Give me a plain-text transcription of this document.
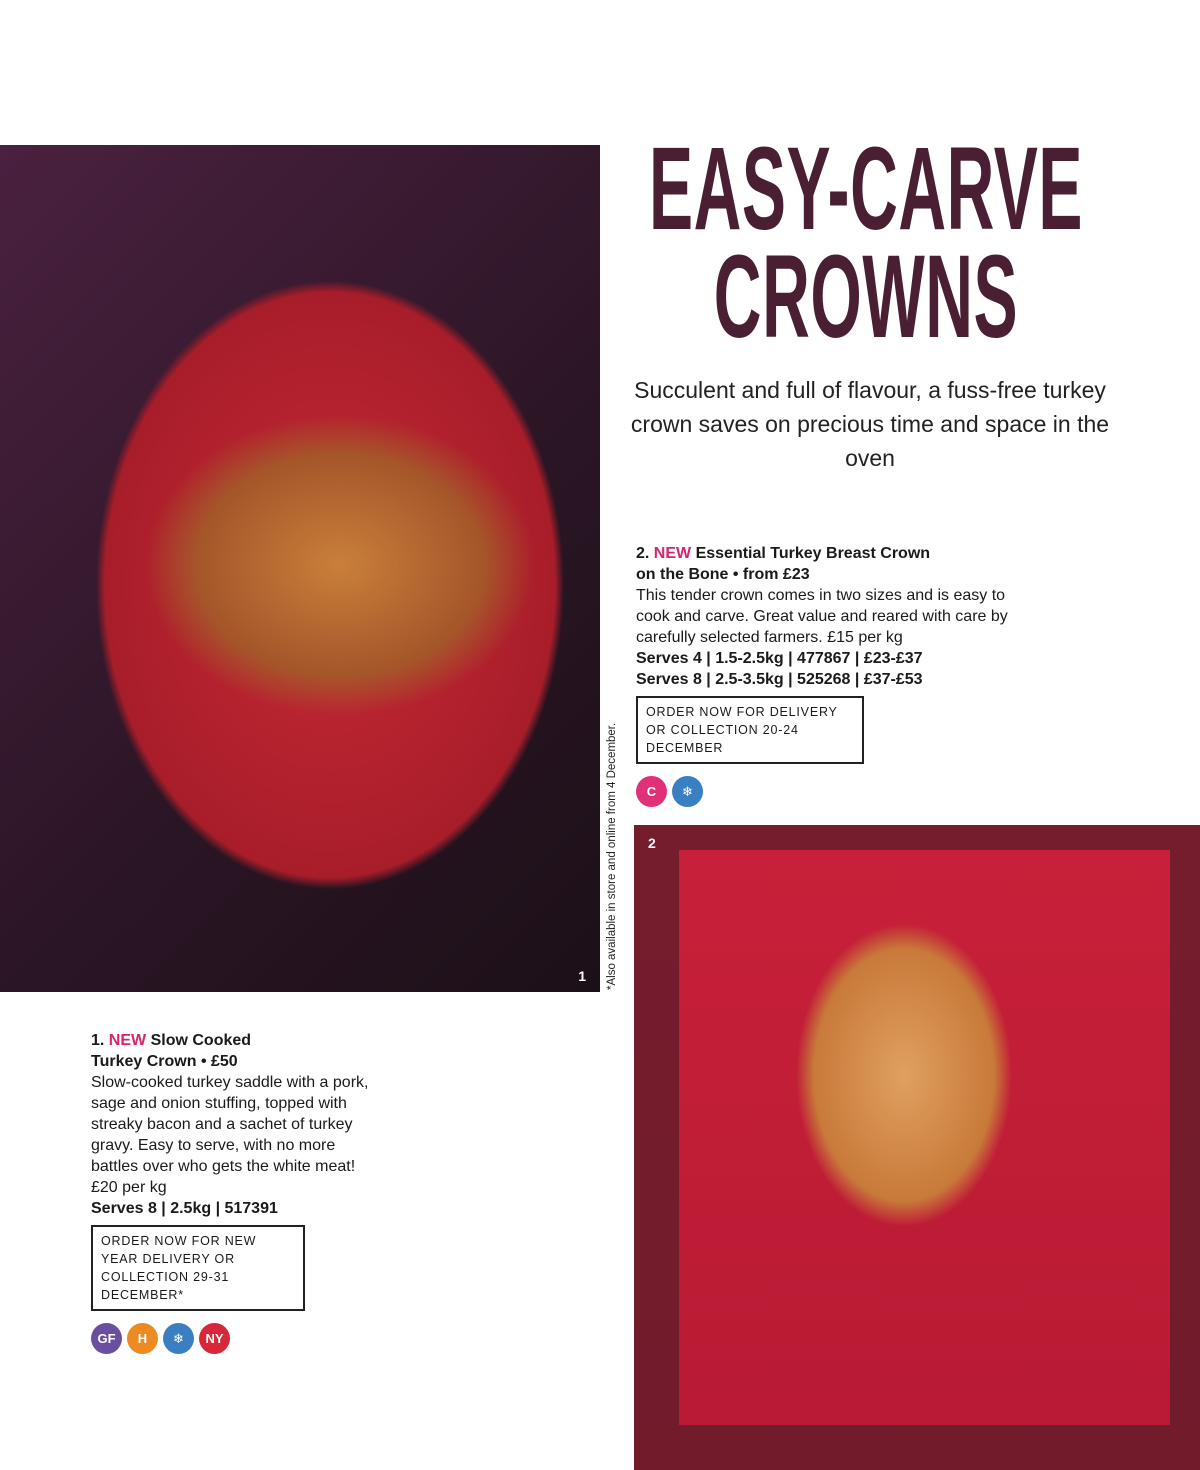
1
2
EASY-CARVE
CROWNS
Succulent and full of flavour, a fuss-free turkey crown saves on precious time and space in the oven
*Also available in store and online from 4 December.
2. NEW Essential Turkey Breast Crown
on the Bone • from £23
This tender crown comes in two sizes and is easy to cook and carve. Great value and reared with care by carefully selected farmers. £15 per kg
Serves 4 | 1.5-2.5kg | 477867 | £23-£37
Serves 8 | 2.5-3.5kg | 525268 | £37-£53
ORDER NOW FOR DELIVERY OR COLLECTION 20-24 DECEMBER
C	❄
1. NEW Slow Cooked
Turkey Crown • £50
Slow-cooked turkey saddle with a pork, sage and onion stuffing, topped with streaky bacon and a sachet of turkey gravy. Easy to serve, with no more battles over who gets the white meat! £20 per kg
Serves 8 | 2.5kg | 517391
ORDER NOW FOR NEW YEAR DELIVERY OR COLLECTION 29-31 DECEMBER*
GF	H	❄	NY
